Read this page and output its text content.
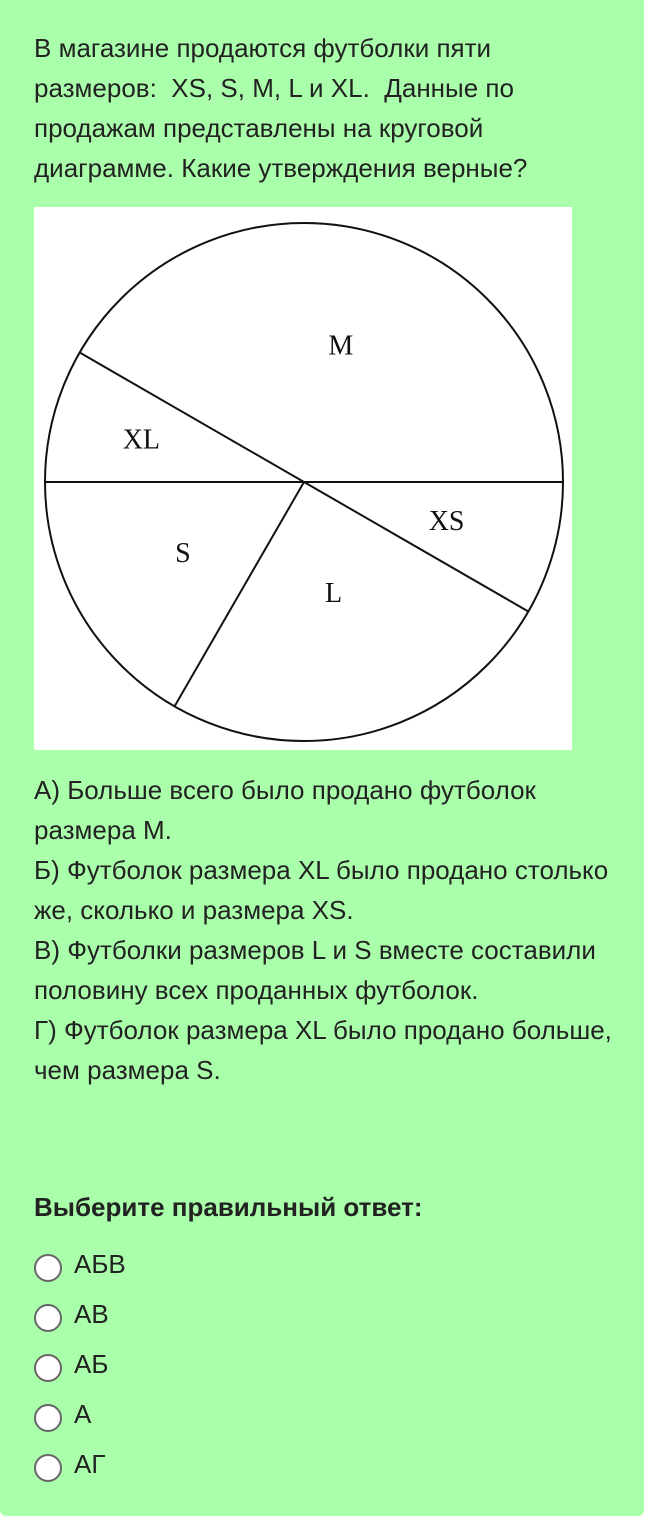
В магазине продаются футболки пяти размеров:  XS, S, M, L и XL.  Данные по продажам представлены на круговой диаграмме. Какие утверждения верные?

M
XL
S
L
XS
А) Больше всего было продано футболок размера М.
Б) Футболок размера XL было продано столько же, сколько и размера XS.
В) Футболки размеров L и S вместе составили половину всех проданных футболок.
Г) Футболок размера XL было продано больше, чем размера S.

Выберите правильный ответ:

АБВ
АВ
АБ
А
АГ
